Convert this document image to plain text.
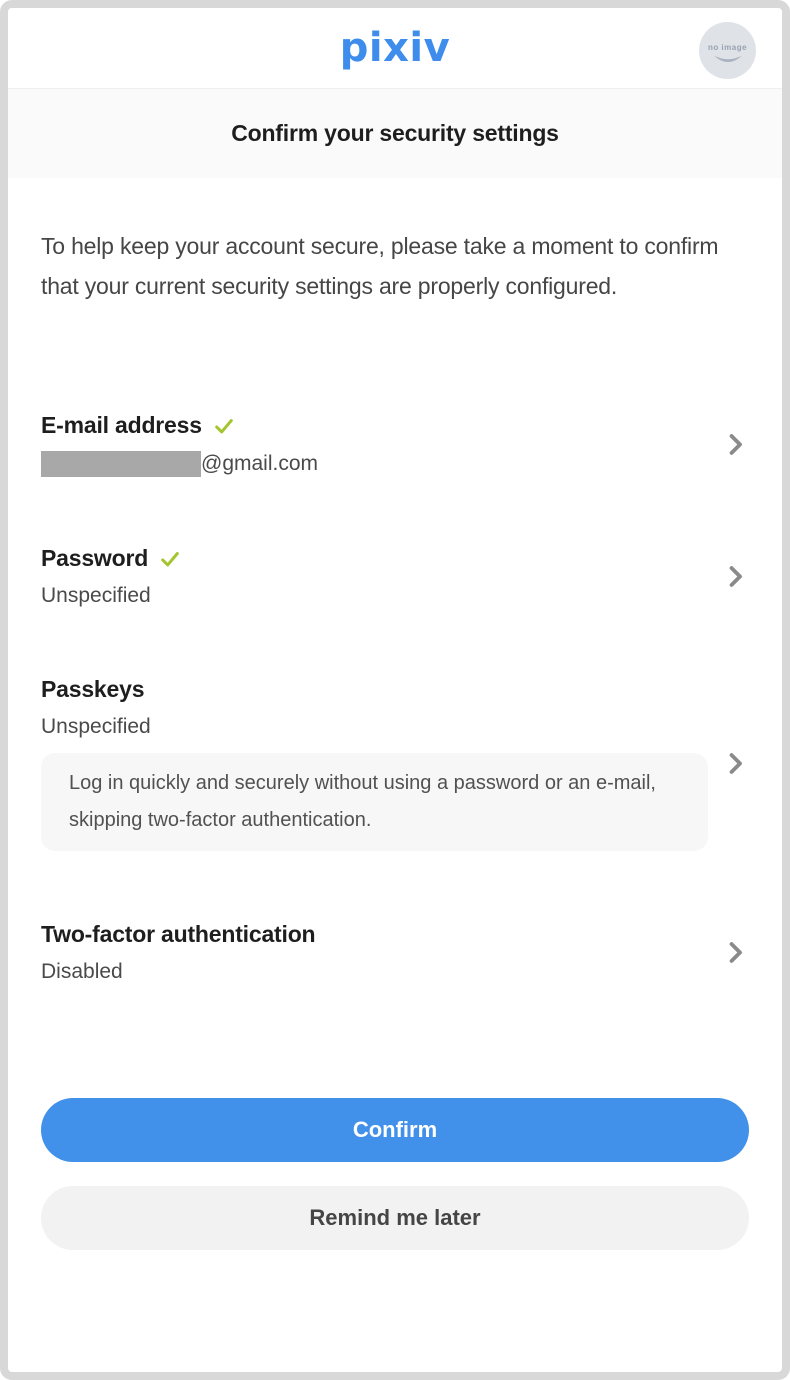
pixiv	no image
Confirm your security settings

To help keep your account secure, please take a moment to confirm that your current security settings are properly configured.

E-mail address
@gmail.com
Password
Unspecified
Passkeys
Unspecified
Log in quickly and securely without using a password or an e-mail, skipping two-factor authentication.
Two-factor authentication
Disabled
Confirm
Remind me later
